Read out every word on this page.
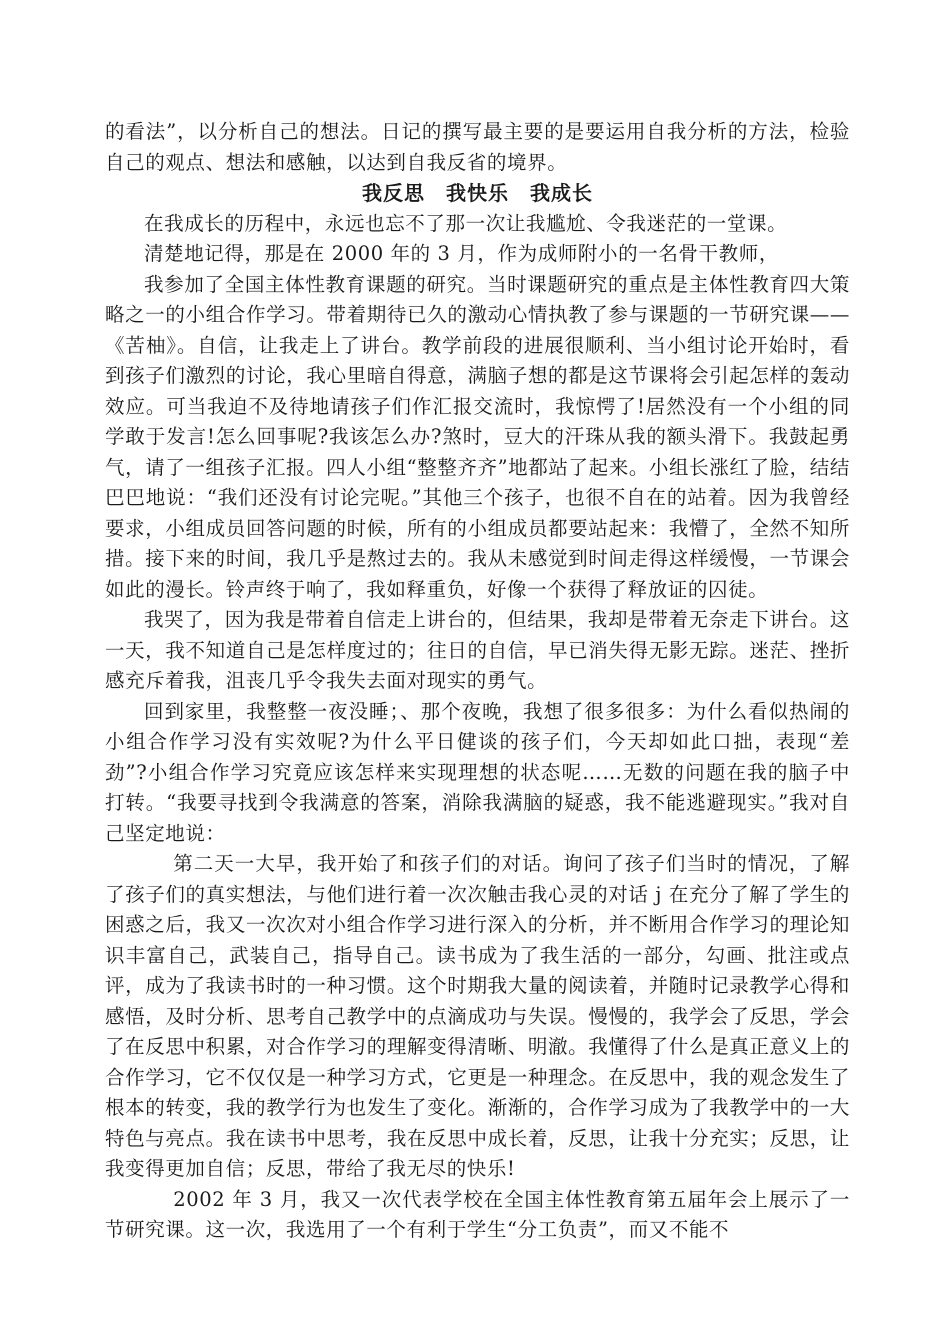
的看法”，以分析自己的想法。日记的撰写最主要的是要运用自我分析的方法，检验自己的观点、想法和感触，以达到自我反省的境界。

我反思　我快乐　我成长

在我成长的历程中，永远也忘不了那一次让我尴尬、令我迷茫的一堂课。

清楚地记得，那是在 2000 年的 3 月，作为成师附小的一名骨干教师，

我参加了全国主体性教育课题的研究。当时课题研究的重点是主体性教育四大策略之一的小组合作学习。带着期待已久的激动心情执教了参与课题的一节研究课——《苦柚》。自信，让我走上了讲台。教学前段的进展很顺利、当小组讨论开始时，看到孩子们激烈的讨论，我心里暗自得意，满脑子想的都是这节课将会引起怎样的轰动效应。可当我迫不及待地请孩子们作汇报交流时，我惊愕了!居然没有一个小组的同学敢于发言!怎么回事呢?我该怎么办?煞时，豆大的汗珠从我的额头滑下。我鼓起勇气，请了一组孩子汇报。四人小组“整整齐齐”地都站了起来。小组长涨红了脸，结结巴巴地说：“我们还没有讨论完呢。”其他三个孩子，也很不自在的站着。因为我曾经要求，小组成员回答问题的时候，所有的小组成员都要站起来：我懵了，全然不知所措。接下来的时间，我几乎是熬过去的。我从未感觉到时间走得这样缓慢，一节课会如此的漫长。铃声终于响了，我如释重负，好像一个获得了释放证的囚徒。

我哭了，因为我是带着自信走上讲台的，但结果，我却是带着无奈走下讲台。这一天，我不知道自己是怎样度过的；往日的自信，早已消失得无影无踪。迷茫、挫折感充斥着我，沮丧几乎令我失去面对现实的勇气。

回到家里，我整整一夜没睡；、那个夜晚，我想了很多很多：为什么看似热闹的小组合作学习没有实效呢?为什么平日健谈的孩子们，今天却如此口拙，表现“差劲”?小组合作学习究竟应该怎样来实现理想的状态呢……无数的问题在我的脑子中打转。“我要寻找到令我满意的答案，消除我满脑的疑惑，我不能逃避现实。”我对自己坚定地说：

第二天一大早，我开始了和孩子们的对话。询问了孩子们当时的情况，了解了孩子们的真实想法，与他们进行着一次次触击我心灵的对话 j 在充分了解了学生的困惑之后，我又一次次对小组合作学习进行深入的分析，并不断用合作学习的理论知识丰富自己，武装自己，指导自己。读书成为了我生活的一部分，勾画、批注或点评，成为了我读书时的一种习惯。这个时期我大量的阅读着，并随时记录教学心得和感悟，及时分析、思考自己教学中的点滴成功与失误。慢慢的，我学会了反思，学会了在反思中积累，对合作学习的理解变得清晰、明澈。我懂得了什么是真正意义上的合作学习，它不仅仅是一种学习方式，它更是一种理念。在反思中，我的观念发生了根本的转变，我的教学行为也发生了变化。渐渐的，合作学习成为了我教学中的一大特色与亮点。我在读书中思考，我在反思中成长着，反思，让我十分充实；反思，让我变得更加自信；反思，带给了我无尽的快乐!

2002 年 3 月，我又一次代表学校在全国主体性教育第五届年会上展示了一节研究课。这一次，我选用了一个有利于学生“分工负责”，而又不能不
